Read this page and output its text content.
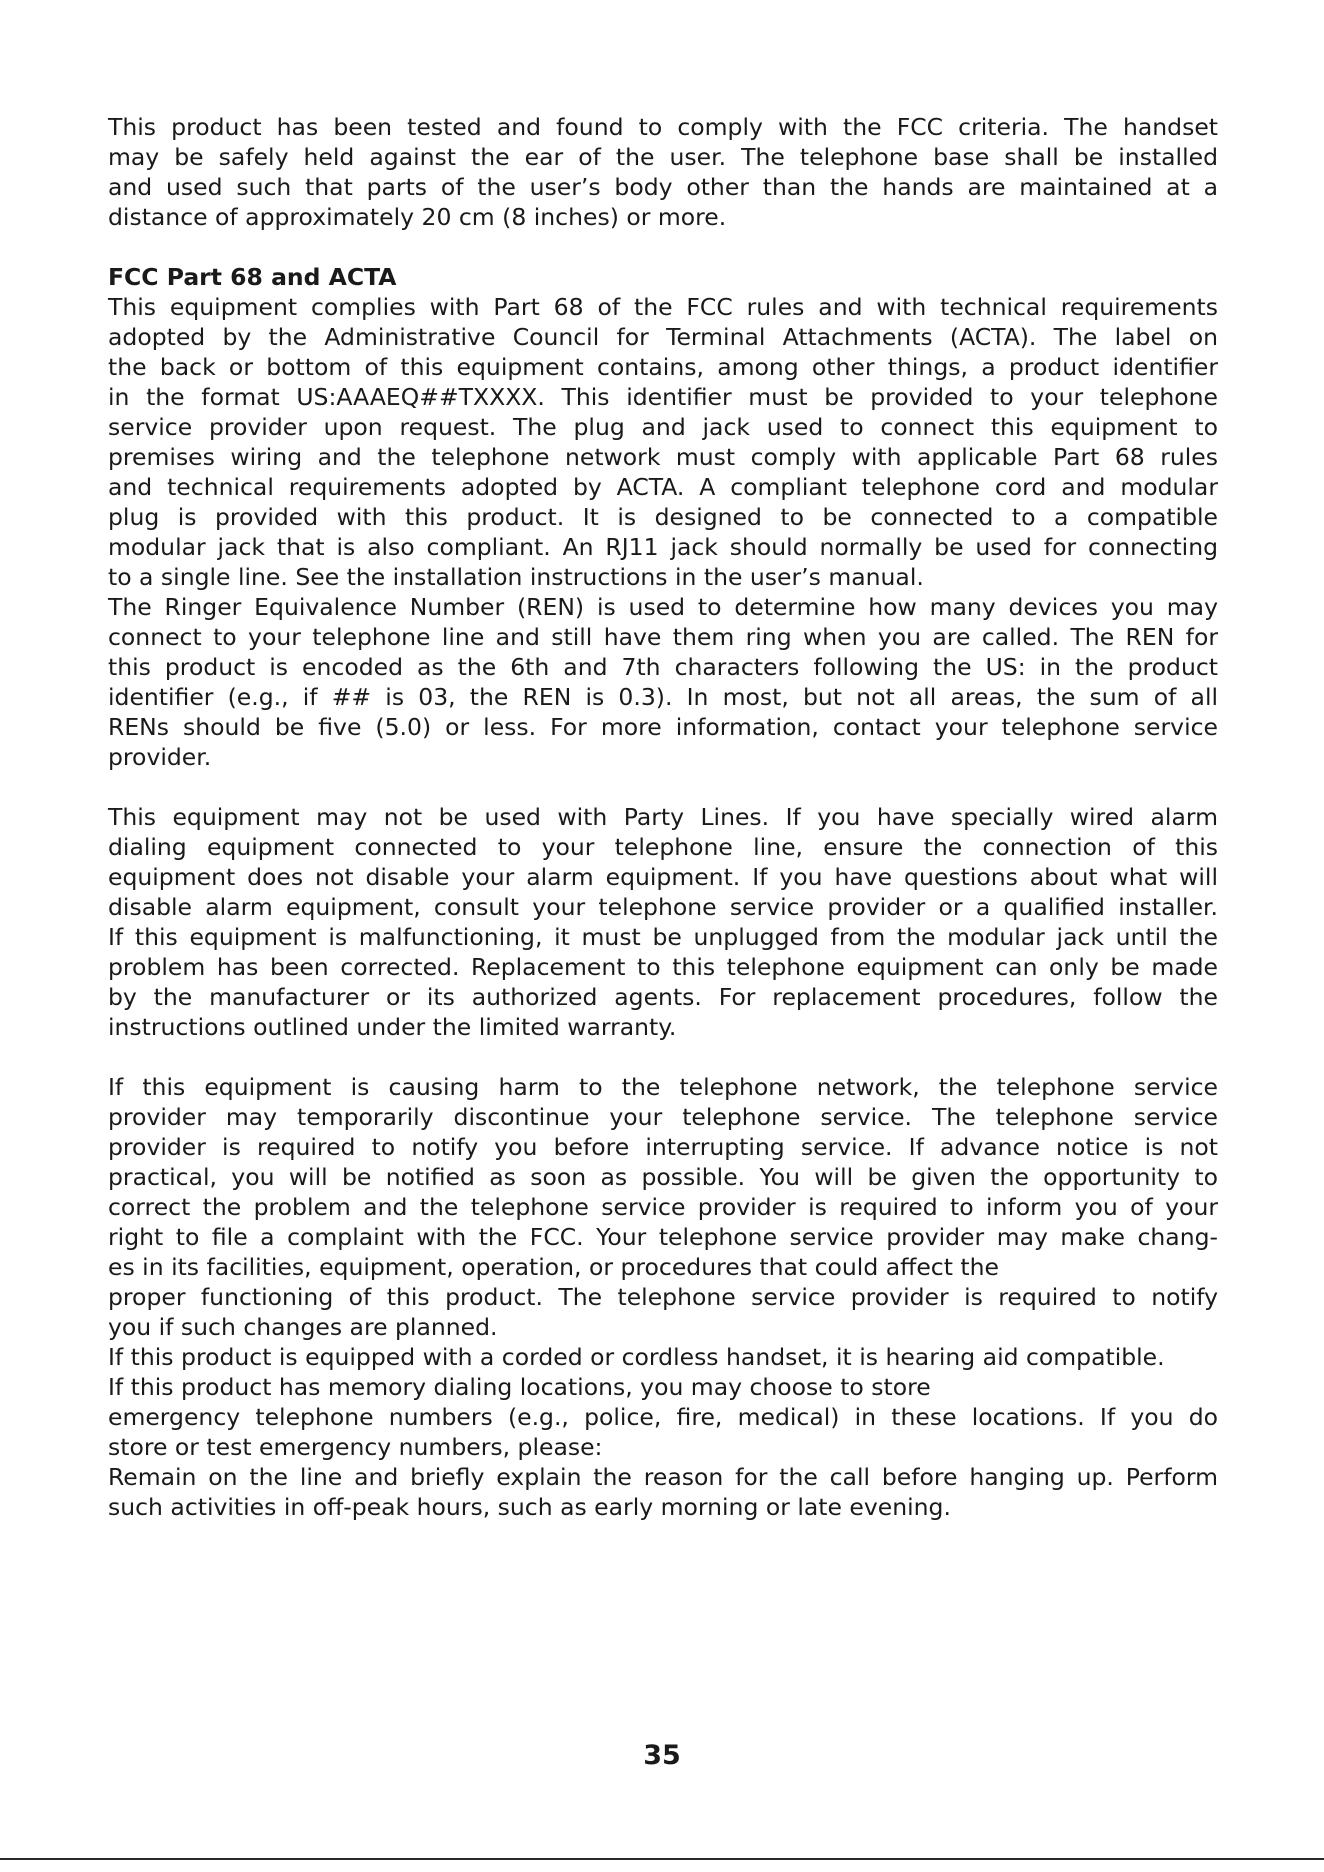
This product has been tested and found to comply with the FCC criteria. The handset
may be safely held against the ear of the user. The telephone base shall be installed
and used such that parts of the user’s body other than the hands are maintained at a
distance of approximately 20 cm (8 inches) or more.
FCC Part 68 and ACTA
This equipment complies with Part 68 of the FCC rules and with technical requirements
adopted by the Administrative Council for Terminal Attachments (ACTA). The label on
the back or bottom of this equipment contains, among other things, a product identifier
in the format US:AAAEQ##TXXXX. This identifier must be provided to your telephone
service provider upon request. The plug and jack used to connect this equipment to
premises wiring and the telephone network must comply with applicable Part 68 rules
and technical requirements adopted by ACTA. A compliant telephone cord and modular
plug is provided with this product. It is designed to be connected to a compatible
modular jack that is also compliant. An RJ11 jack should normally be used for connecting
to a single line. See the installation instructions in the user’s manual.
The Ringer Equivalence Number (REN) is used to determine how many devices you may
connect to your telephone line and still have them ring when you are called. The REN for
this product is encoded as the 6th and 7th characters following the US: in the product
identifier (e.g., if ## is 03, the REN is 0.3). In most, but not all areas, the sum of all
RENs should be five (5.0) or less. For more information, contact your telephone service
provider.
This equipment may not be used with Party Lines. If you have specially wired alarm
dialing equipment connected to your telephone line, ensure the connection of this
equipment does not disable your alarm equipment. If you have questions about what will
disable alarm equipment, consult your telephone service provider or a qualified installer.
If this equipment is malfunctioning, it must be unplugged from the modular jack until the
problem has been corrected. Replacement to this telephone equipment can only be made
by the manufacturer or its authorized agents. For replacement procedures, follow the
instructions outlined under the limited warranty.
If this equipment is causing harm to the telephone network, the telephone service
provider may temporarily discontinue your telephone service. The telephone service
provider is required to notify you before interrupting service. If advance notice is not
practical, you will be notified as soon as possible. You will be given the opportunity to
correct the problem and the telephone service provider is required to inform you of your
right to file a complaint with the FCC. Your telephone service provider may make chang-
es in its facilities, equipment, operation, or procedures that could affect the
proper functioning of this product. The telephone service provider is required to notify
you if such changes are planned.
If this product is equipped with a corded or cordless handset, it is hearing aid compatible.
If this product has memory dialing locations, you may choose to store
emergency telephone numbers (e.g., police, fire, medical) in these locations. If you do
store or test emergency numbers, please:
Remain on the line and briefly explain the reason for the call before hanging up. Perform
such activities in off-peak hours, such as early morning or late evening.
35
